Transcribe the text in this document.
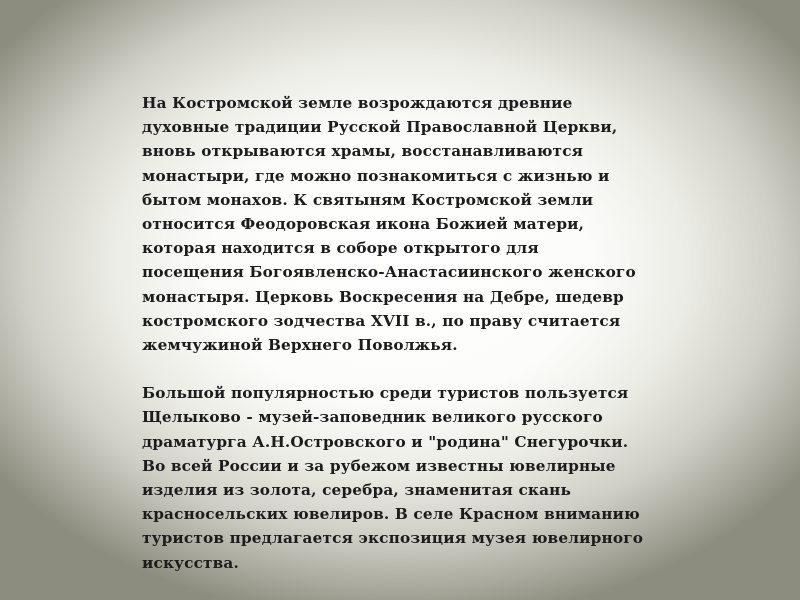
На Костромской земле возрождаются древние
духовные традиции Русской Православной Церкви,
вновь открываются храмы, восстанавливаются
монастыри, где можно познакомиться с жизнью и
бытом монахов. К святыням Костромской земли
относится Феодоровская икона Божией матери,
которая находится в соборе открытого для
посещения Богоявленско-Анастасиинского женского
монастыря. Церковь Воскресения на Дебре, шедевр
костромского зодчества XVII в., по праву считается
жемчужиной Верхнего Поволжья.

Большой популярностью среди туристов пользуется
Щелыково - музей-заповедник великого русского
драматурга А.Н.Островского и "родина" Снегурочки.
Во всей России и за рубежом известны ювелирные
изделия из золота, серебра, знаменитая скань
красносельских ювелиров. В селе Красном вниманию
туристов предлагается экспозиция музея ювелирного
искусства.
